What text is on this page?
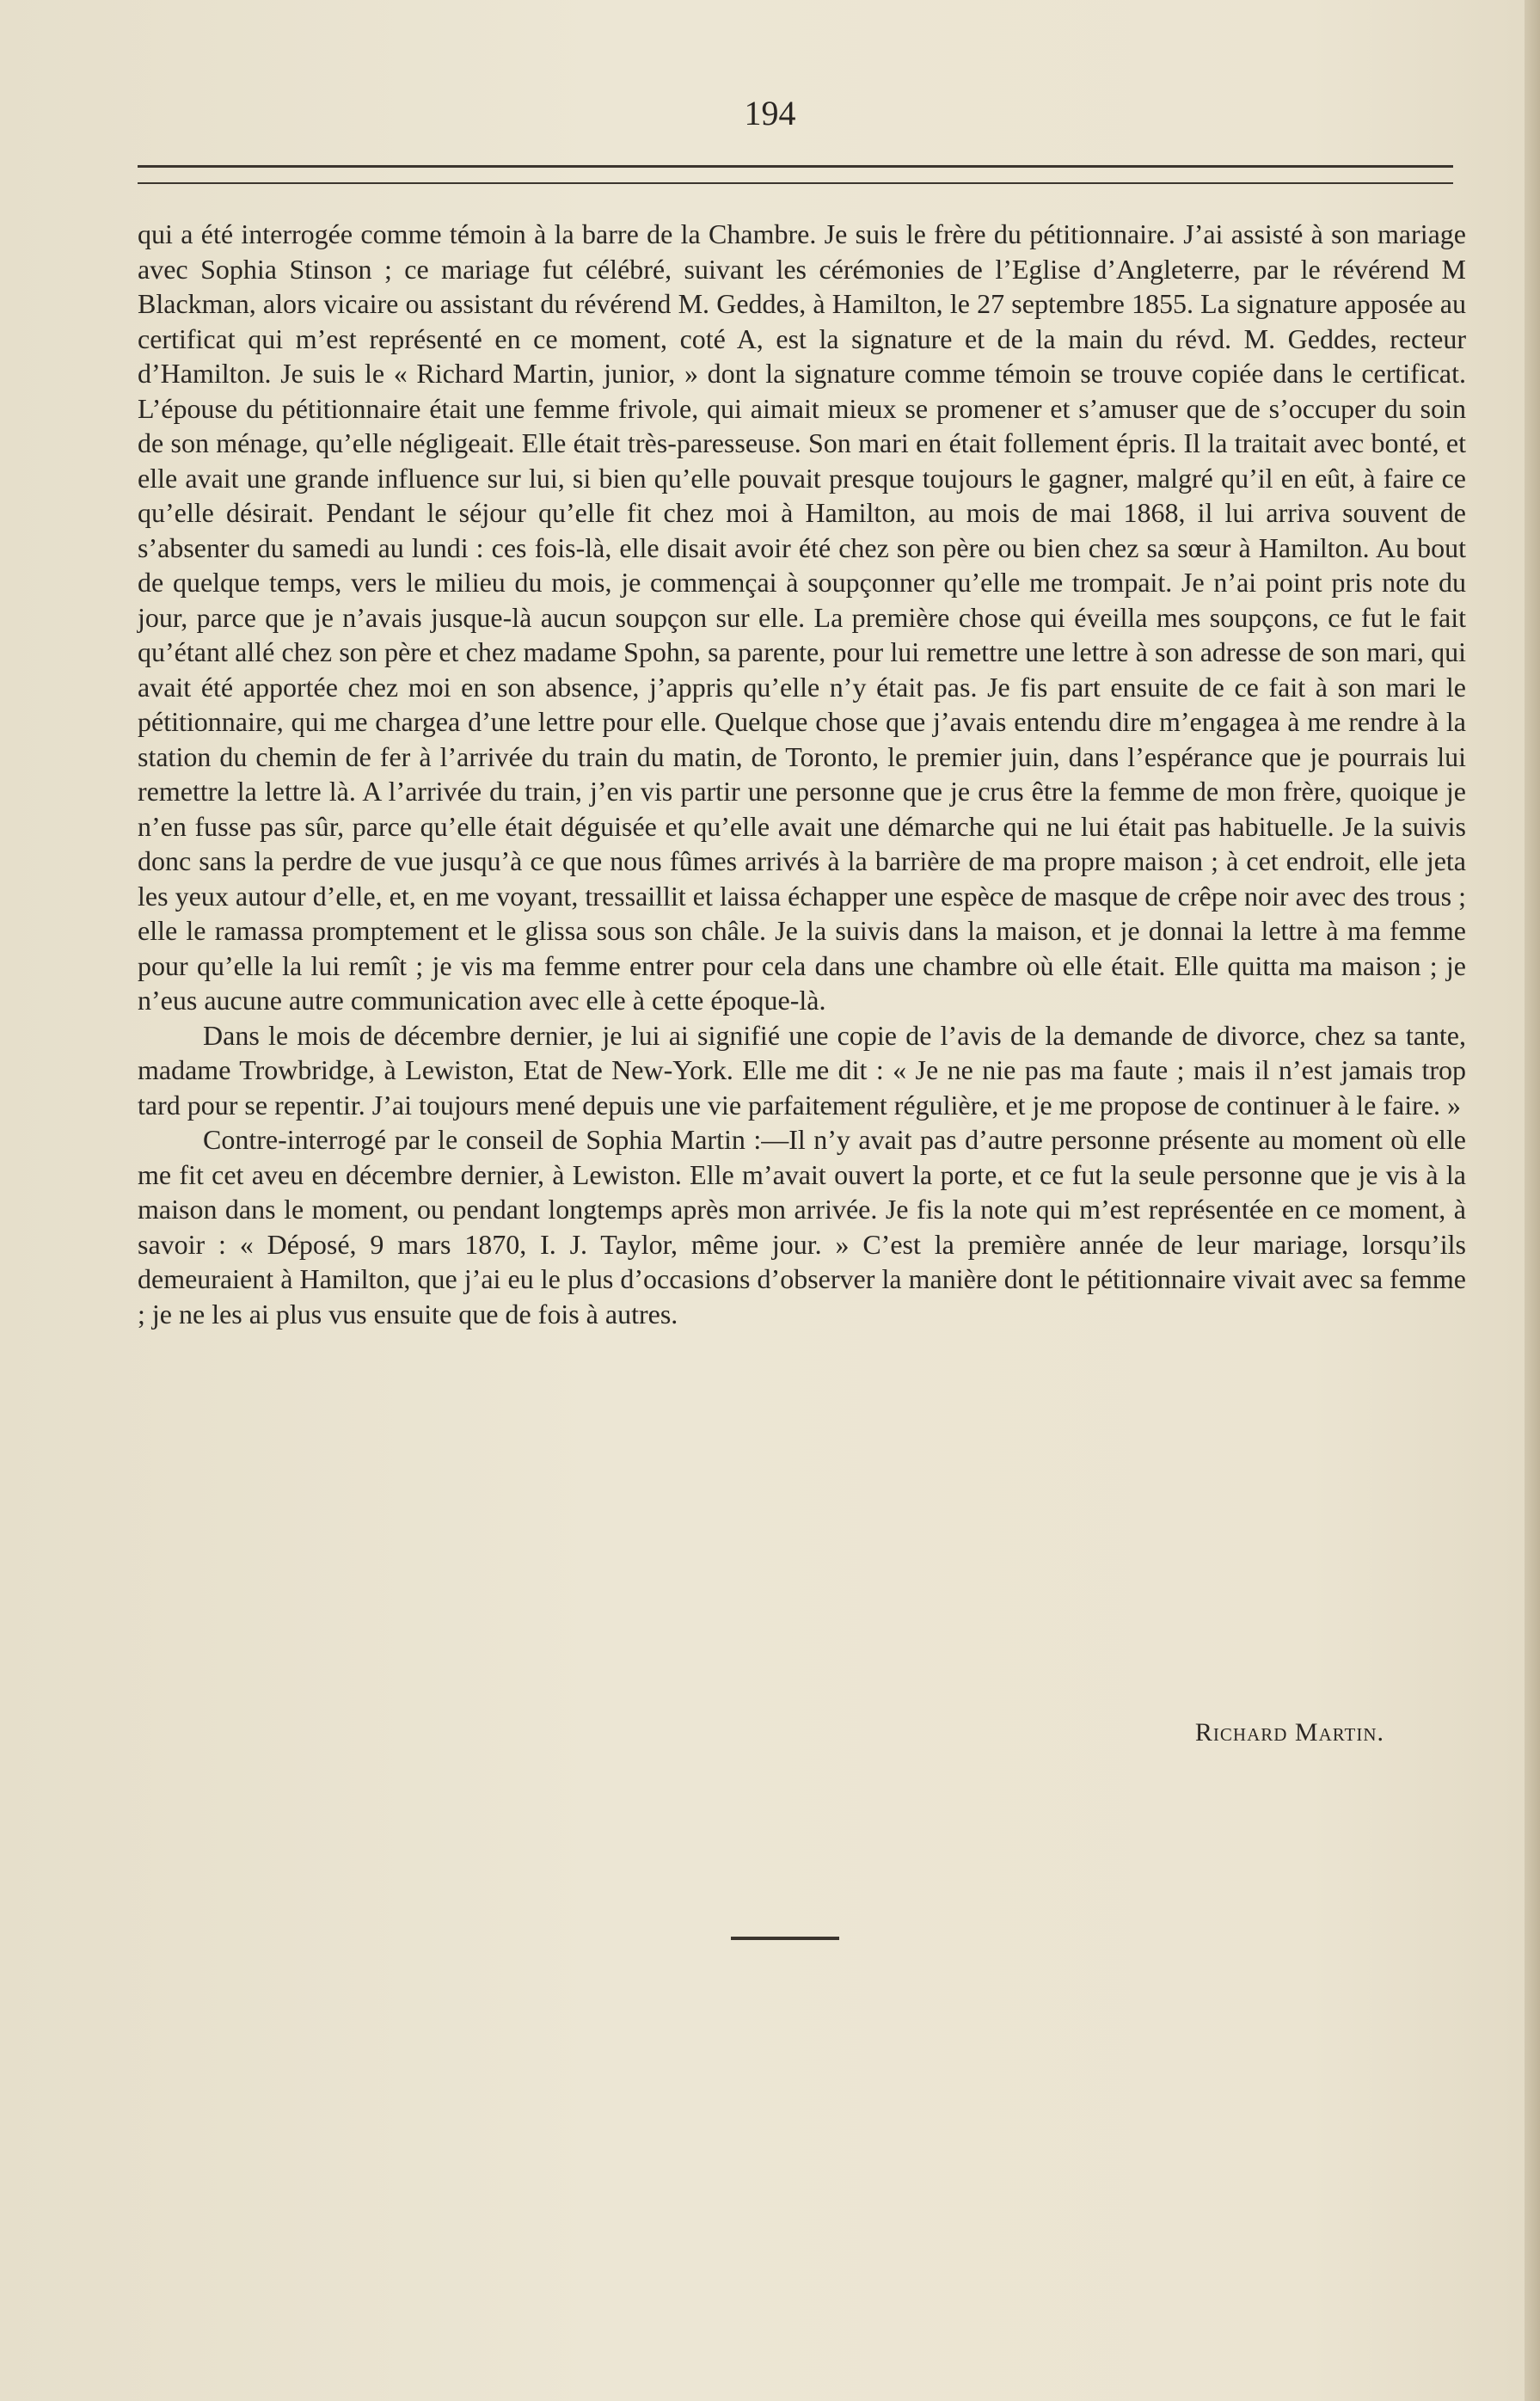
194

qui a été interrogée comme témoin à la barre de la Chambre. Je suis le frère du pétitionnaire. J’ai assisté à son mariage avec Sophia Stinson ; ce mariage fut célébré, suivant les cérémonies de l’Eglise d’Angleterre, par le révérend M Blackman, alors vicaire ou assistant du révérend M. Geddes, à Hamilton, le 27 septembre 1855. La signature apposée au certificat qui m’est représenté en ce moment, coté A, est la signature et de la main du révd. M. Geddes, recteur d’Hamilton. Je suis le « Richard Martin, junior, » dont la signature comme témoin se trouve copiée dans le certificat. L’épouse du pétitionnaire était une femme frivole, qui aimait mieux se promener et s’amuser que de s’occuper du soin de son ménage, qu’elle négligeait. Elle était très-paresseuse. Son mari en était follement épris. Il la traitait avec bonté, et elle avait une grande influence sur lui, si bien qu’elle pouvait presque toujours le gagner, malgré qu’il en eût, à faire ce qu’elle désirait. Pendant le séjour qu’elle fit chez moi à Hamilton, au mois de mai 1868, il lui arriva souvent de s’absenter du samedi au lundi : ces fois-là, elle disait avoir été chez son père ou bien chez sa sœur à Hamilton. Au bout de quelque temps, vers le milieu du mois, je commençai à soupçonner qu’elle me trompait. Je n’ai point pris note du jour, parce que je n’avais jusque-là aucun soupçon sur elle. La première chose qui éveilla mes soupçons, ce fut le fait qu’étant allé chez son père et chez madame Spohn, sa parente, pour lui remettre une lettre à son adresse de son mari, qui avait été apportée chez moi en son absence, j’appris qu’elle n’y était pas. Je fis part ensuite de ce fait à son mari le pétitionnaire, qui me chargea d’une lettre pour elle. Quelque chose que j’avais entendu dire m’engagea à me rendre à la station du chemin de fer à l’arrivée du train du matin, de Toronto, le premier juin, dans l’espérance que je pourrais lui remettre la lettre là. A l’arrivée du train, j’en vis partir une personne que je crus être la femme de mon frère, quoique je n’en fusse pas sûr, parce qu’elle était déguisée et qu’elle avait une démarche qui ne lui était pas habituelle. Je la suivis donc sans la perdre de vue jusqu’à ce que nous fûmes arrivés à la barrière de ma propre maison ; à cet endroit, elle jeta les yeux autour d’elle, et, en me voyant, tressaillit et laissa échapper une espèce de masque de crêpe noir avec des trous ; elle le ramassa promptement et le glissa sous son châle. Je la suivis dans la maison, et je donnai la lettre à ma femme pour qu’elle la lui remît ; je vis ma femme entrer pour cela dans une chambre où elle était. Elle quitta ma maison ; je n’eus aucune autre communication avec elle à cette époque-là.

Dans le mois de décembre dernier, je lui ai signifié une copie de l’avis de la demande de divorce, chez sa tante, madame Trowbridge, à Lewiston, Etat de New-York. Elle me dit : « Je ne nie pas ma faute ; mais il n’est jamais trop tard pour se repentir. J’ai toujours mené depuis une vie parfaitement régulière, et je me propose de continuer à le faire. »

Contre-interrogé par le conseil de Sophia Martin :—Il n’y avait pas d’autre personne présente au moment où elle me fit cet aveu en décembre dernier, à Lewiston. Elle m’avait ouvert la porte, et ce fut la seule personne que je vis à la maison dans le moment, ou pendant longtemps après mon arrivée. Je fis la note qui m’est représentée en ce moment, à savoir : « Déposé, 9 mars 1870, I. J. Taylor, même jour. » C’est la première année de leur mariage, lorsqu’ils demeuraient à Hamilton, que j’ai eu le plus d’occasions d’observer la manière dont le pétitionnaire vivait avec sa femme ; je ne les ai plus vus ensuite que de fois à autres.

Richard Martin.
